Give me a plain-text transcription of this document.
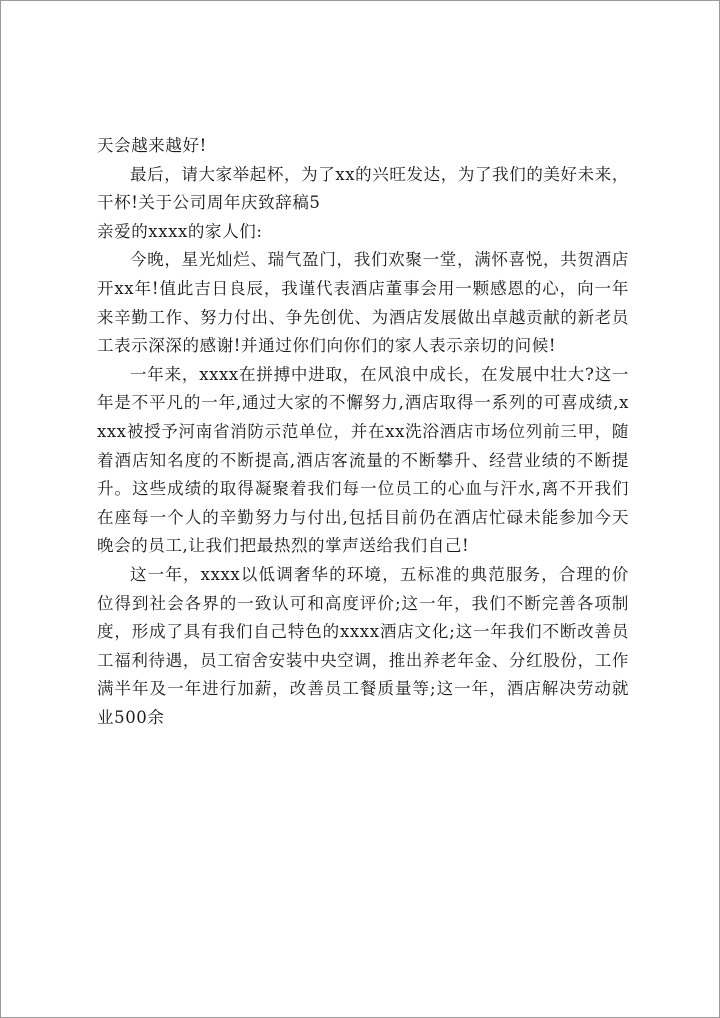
天会越来越好!

最后，请大家举起杯，为了xx的兴旺发达，为了我们的美好未来，干杯!关于公司周年庆致辞稿5

亲爱的xxxx的家人们:

今晚，星光灿烂、瑞气盈门，我们欢聚一堂，满怀喜悦，共贺酒店开xx年!值此吉日良辰，我谨代表酒店董事会用一颗感恩的心，向一年来辛勤工作、努力付出、争先创优、为酒店发展做出卓越贡献的新老员工表示深深的感谢!并通过你们向你们的家人表示亲切的问候!

一年来，xxxx在拼搏中进取，在风浪中成长，在发展中壮大?这一年是不平凡的一年,通过大家的不懈努力,酒店取得一系列的可喜成绩,xxxx被授予河南省消防示范单位，并在xx洗浴酒店市场位列前三甲，随着酒店知名度的不断提高,酒店客流量的不断攀升、经营业绩的不断提升。这些成绩的取得凝聚着我们每一位员工的心血与汗水,离不开我们在座每一个人的辛勤努力与付出,包括目前仍在酒店忙碌未能参加今天晚会的员工,让我们把最热烈的掌声送给我们自己!

这一年，xxxx以低调奢华的环境，五标准的典范服务，合理的价位得到社会各界的一致认可和高度评价;这一年，我们不断完善各项制度，形成了具有我们自己特色的xxxx酒店文化;这一年我们不断改善员工福利待遇，员工宿舍安装中央空调，推出养老年金、分红股份，工作满半年及一年进行加薪，改善员工餐质量等;这一年，酒店解决劳动就业500余
